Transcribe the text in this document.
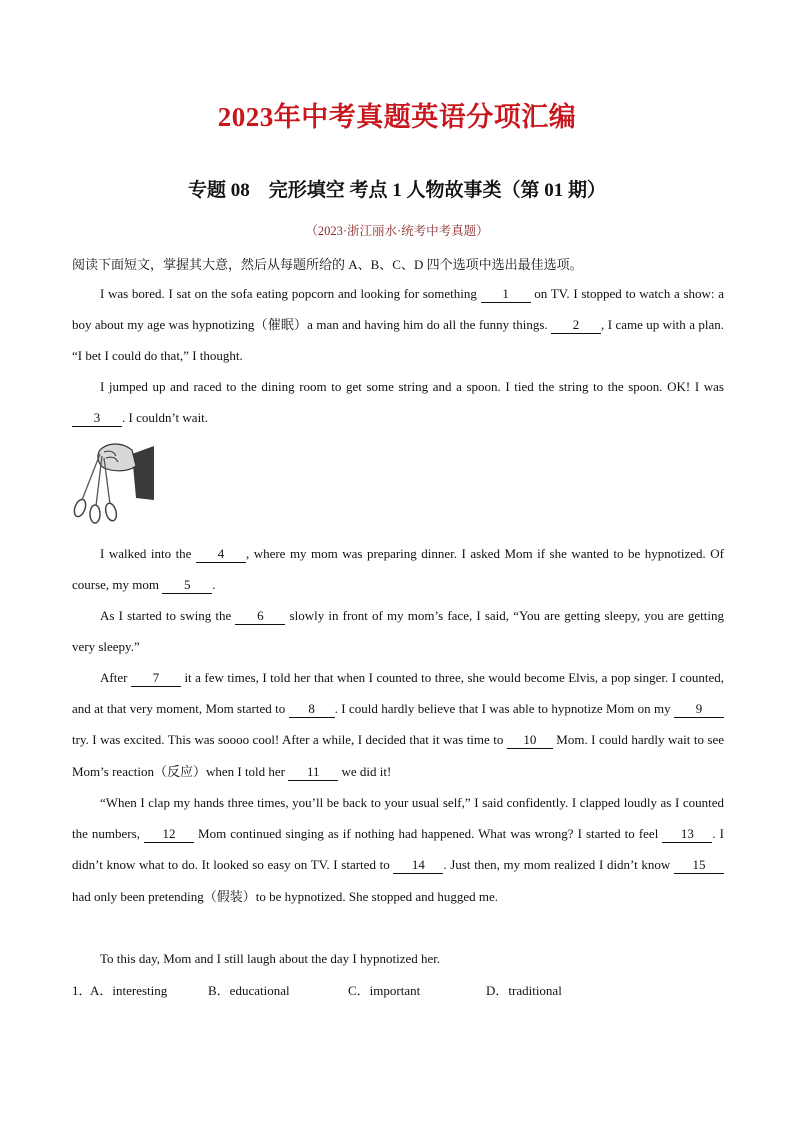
2023年中考真题英语分项汇编
专题 08　完形填空 考点 1 人物故事类（第 01 期）
（2023·浙江丽水·统考中考真题）
阅读下面短文，掌握其大意，然后从每题所给的 A、B、C、D 四个选项中选出最佳选项。

I was bored. I sat on the sofa eating popcorn and looking for something 1 on TV. I stopped to watch a show: a boy about my age was hypnotizing（催眠）a man and having him do all the funny things. 2 , I came up with a plan. “I bet I could do that,” I thought.

I jumped up and raced to the dining room to get some string and a spoon. I tied the string to the spoon. OK! I was 3 . I couldn’t wait.

I walked into the 4 , where my mom was preparing dinner. I asked Mom if she wanted to be hypnotized. Of course, my mom 5 .

As I started to swing the 6 slowly in front of my mom’s face, I said, “You are getting sleepy, you are getting very sleepy.”

After 7 it a few times, I told her that when I counted to three, she would become Elvis, a pop singer. I counted, and at that very moment, Mom started to 8 . I could hardly believe that I was able to hypnotize Mom on my 9 try. I was excited. This was soooo cool! After a while, I decided that it was time to 10 Mom. I could hardly wait to see Mom’s reaction（反应）when I told her 11 we did it!

“When I clap my hands three times, you’ll be back to your usual self,” I said confidently. I clapped loudly as I counted the numbers, 12 Mom continued singing as if nothing had happened. What was wrong? I started to feel 13 . I didn’t know what to do. It looked so easy on TV. I started to 14 . Just then, my mom realized I didn’t know 15 had only been pretending（假装）to be hypnotized. She stopped and hugged me.

To this day, Mom and I still laugh about the day I hypnotized her.

1．
A．interesting	B．educational	C．important	D．traditional
